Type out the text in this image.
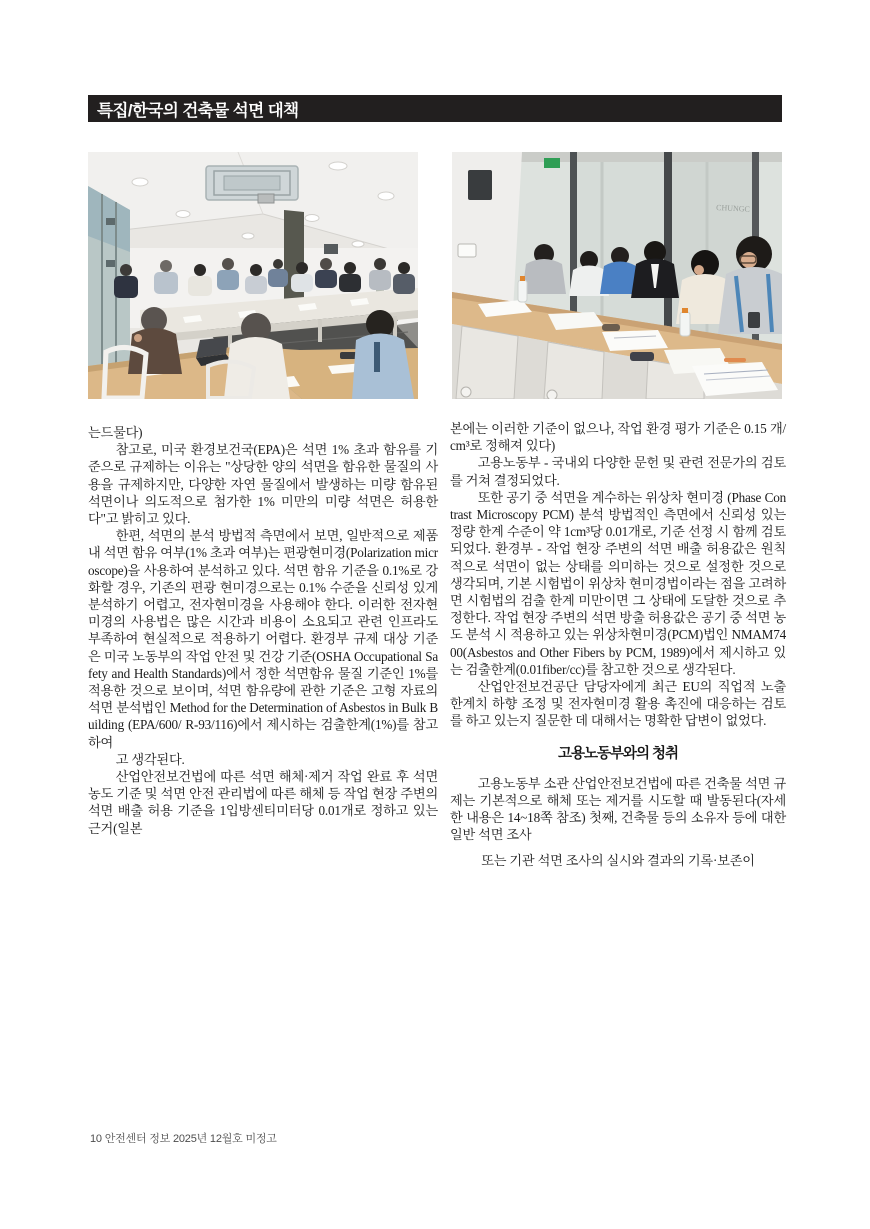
특집/한국의 건축물 석면 대책
CHUNGC

는드물다)

참고로, 미국 환경보건국(EPA)은 석면 1% 초과 함유를 기준으로 규제하는 이유는 "상당한 양의 석면을 함유한 물질의 사용을 규제하지만, 다양한 자연 물질에서 발생하는 미량 함유된 석면이나 의도적으로 첨가한 1% 미만의 미량 석면은 허용한다"고 밝히고 있다.

한편, 석면의 분석 방법적 측면에서 보면, 일반적으로 제품 내 석면 함유 여부(1% 초과 여부)는 편광현미경(Polarization microscope)을 사용하여 분석하고 있다. 석면 함유 기준을 0.1%로 강화할 경우, 기존의 편광 현미경으로는 0.1% 수준을 신뢰성 있게 분석하기 어렵고, 전자현미경을 사용해야 한다. 이러한 전자현미경의 사용법은 많은 시간과 비용이 소요되고 관련 인프라도 부족하여 현실적으로 적용하기 어렵다. 환경부 규제 대상 기준은 미국 노동부의 작업 안전 및 건강 기준(OSHA Occupational Safety and Health Standards)에서 정한 석면함유 물질 기준인 1%를 적용한 것으로 보이며, 석면 함유량에 관한 기준은 고형 자료의 석면 분석법인 Method for the Determination of Asbestos in Bulk Building (EPA/600/ R-93/116)에서 제시하는 검출한계(1%)를 참고하여

고 생각된다.

산업안전보건법에 따른 석면 해체·제거 작업 완료 후 석면 농도 기준 및 석면 안전 관리법에 따른 해체 등 작업 현장 주변의 석면 배출 허용 기준을 1입방센티미터당 0.01개로 정하고 있는 근거(일본

본에는 이러한 기준이 없으나, 작업 환경 평가 기준은 0.15 개/cm³로 정해져 있다)

고용노동부 - 국내외 다양한 문헌 및 관련 전문가의 검토를 거쳐 결정되었다.

또한 공기 중 석면을 계수하는 위상차 현미경 (Phase Contrast Microscopy PCM) 분석 방법적인 측면에서 신뢰성 있는 정량 한계 수준이 약 1cm³당 0.01개로, 기준 선정 시 함께 검토되었다. 환경부 - 작업 현장 주변의 석면 배출 허용값은 원칙적으로 석면이 없는 상태를 의미하는 것으로 설정한 것으로 생각되며, 기본 시험법이 위상차 현미경법이라는 점을 고려하면 시험법의 검출 한계 미만이면 그 상태에 도달한 것으로 추정한다. 작업 현장 주변의 석면 방출 허용값은 공기 중 석면 농도 분석 시 적용하고 있는 위상차현미경(PCM)법인 NMAM7400(Asbestos and Other Fibers by PCM, 1989)에서 제시하고 있는 검출한계(0.01fiber/cc)를 참고한 것으로 생각된다.

산업안전보건공단 담당자에게 최근 EU의 직업적 노출 한계치 하향 조정 및 전자현미경 활용 촉진에 대응하는 검토를 하고 있는지 질문한 데 대해서는 명확한 답변이 없었다.

고용노동부와의 청취

고용노동부 소관 산업안전보건법에 따른 건축물 석면 규제는 기본적으로 해체 또는 제거를 시도할 때 발동된다(자세한 내용은 14~18쪽 참조) 첫째, 건축물 등의 소유자 등에 대한 일반 석면 조사

또는 기관 석면 조사의 실시와 결과의 기록·보존이

10 안전센터 정보 2025년 12월호 미정고
